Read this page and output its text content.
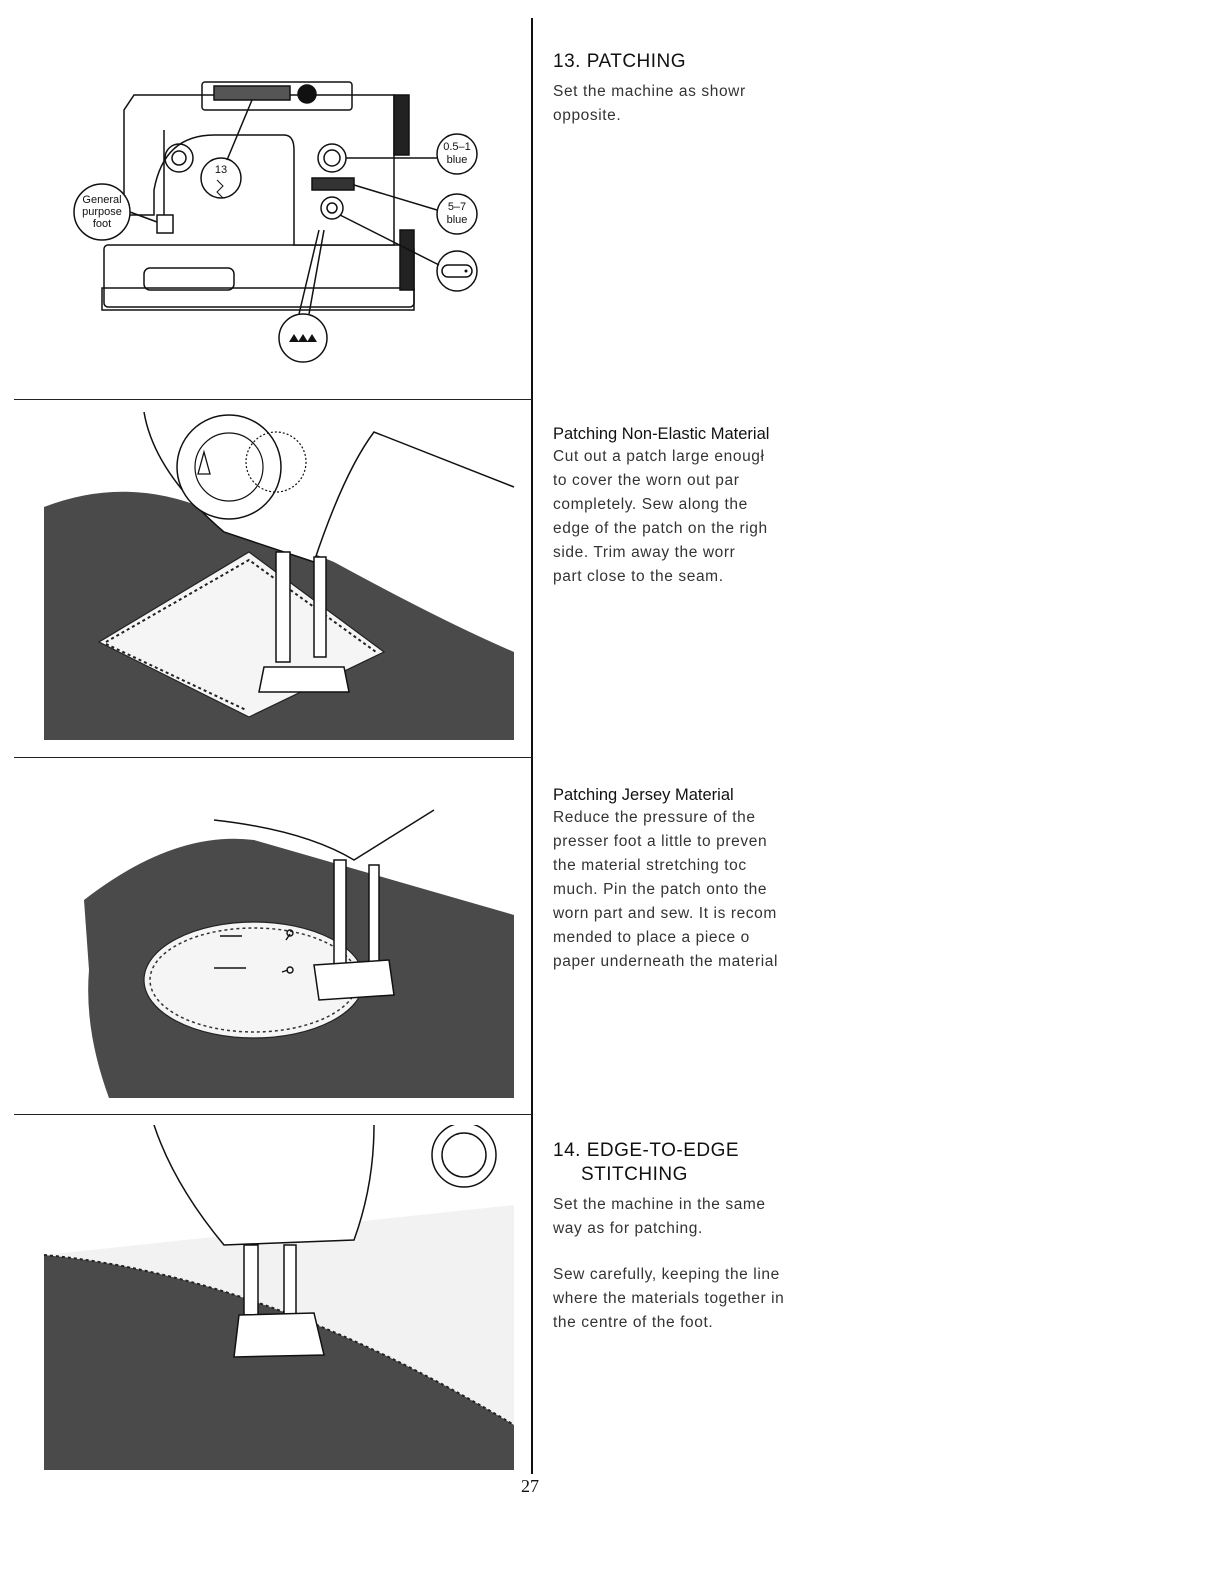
0.5–1
blue
5–7
blue
General
purpose
foot
13
13. PATCHING

Set the machine as showr
opposite.

Patching Non-Elastic Material

Cut out a patch large enougł
to cover the worn out par
completely. Sew along the
edge of the patch on the righ
side. Trim away the worr
part close to the seam.

Patching Jersey Material

Reduce the pressure of the
presser foot a little to preven
the material stretching toc
much. Pin the patch onto the
worn part and sew. It is recom
mended to place a piece o
paper underneath the material

14. EDGE-TO-EDGE
STITCHING

Set the machine in the same
way as for patching.

Sew carefully, keeping the line
where the materials together in
the centre of the foot.

27
